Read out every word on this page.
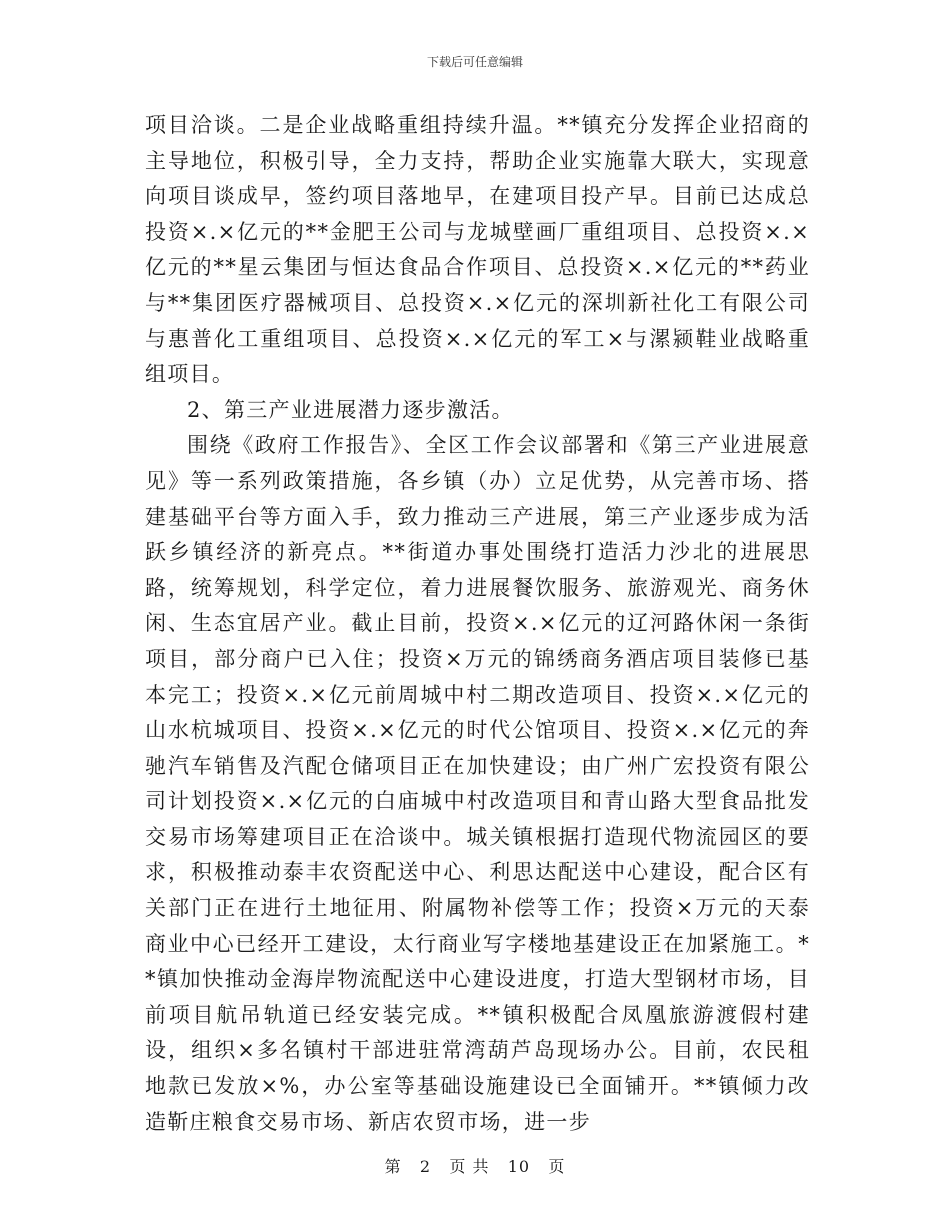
下载后可任意编辑

项目洽谈。二是企业战略重组持续升温。**镇充分发挥企业招商的主导地位，积极引导，全力支持，帮助企业实施靠大联大，实现意向项目谈成早，签约项目落地早，在建项目投产早。目前已达成总投资×.×亿元的**金肥王公司与龙城壁画厂重组项目、总投资×.×亿元的**星云集团与恒达食品合作项目、总投资×.×亿元的**药业与**集团医疗器械项目、总投资×.×亿元的深圳新社化工有限公司与惠普化工重组项目、总投资×.×亿元的军工×与漯颍鞋业战略重组项目。

2、第三产业进展潜力逐步激活。

围绕《政府工作报告》、全区工作会议部署和《第三产业进展意见》等一系列政策措施，各乡镇（办）立足优势，从完善市场、搭建基础平台等方面入手，致力推动三产进展，第三产业逐步成为活跃乡镇经济的新亮点。**街道办事处围绕打造活力沙北的进展思路，统筹规划，科学定位，着力进展餐饮服务、旅游观光、商务休闲、生态宜居产业。截止目前，投资×.×亿元的辽河路休闲一条街项目，部分商户已入住；投资×万元的锦绣商务酒店项目装修已基本完工；投资×.×亿元前周城中村二期改造项目、投资×.×亿元的山水杭城项目、投资×.×亿元的时代公馆项目、投资×.×亿元的奔驰汽车销售及汽配仓储项目正在加快建设；由广州广宏投资有限公司计划投资×.×亿元的白庙城中村改造项目和青山路大型食品批发交易市场筹建项目正在洽谈中。城关镇根据打造现代物流园区的要求，积极推动泰丰农资配送中心、利思达配送中心建设，配合区有关部门正在进行土地征用、附属物补偿等工作；投资×万元的天泰商业中心已经开工建设，太行商业写字楼地基建设正在加紧施工。**镇加快推动金海岸物流配送中心建设进度，打造大型钢材市场，目前项目航吊轨道已经安装完成。**镇积极配合凤凰旅游渡假村建设，组织×多名镇村干部进驻常湾葫芦岛现场办公。目前，农民租地款已发放×%，办公室等基础设施建设已全面铺开。**镇倾力改造靳庄粮食交易市场、新店农贸市场，进一步

第 2 页 共 10 页
